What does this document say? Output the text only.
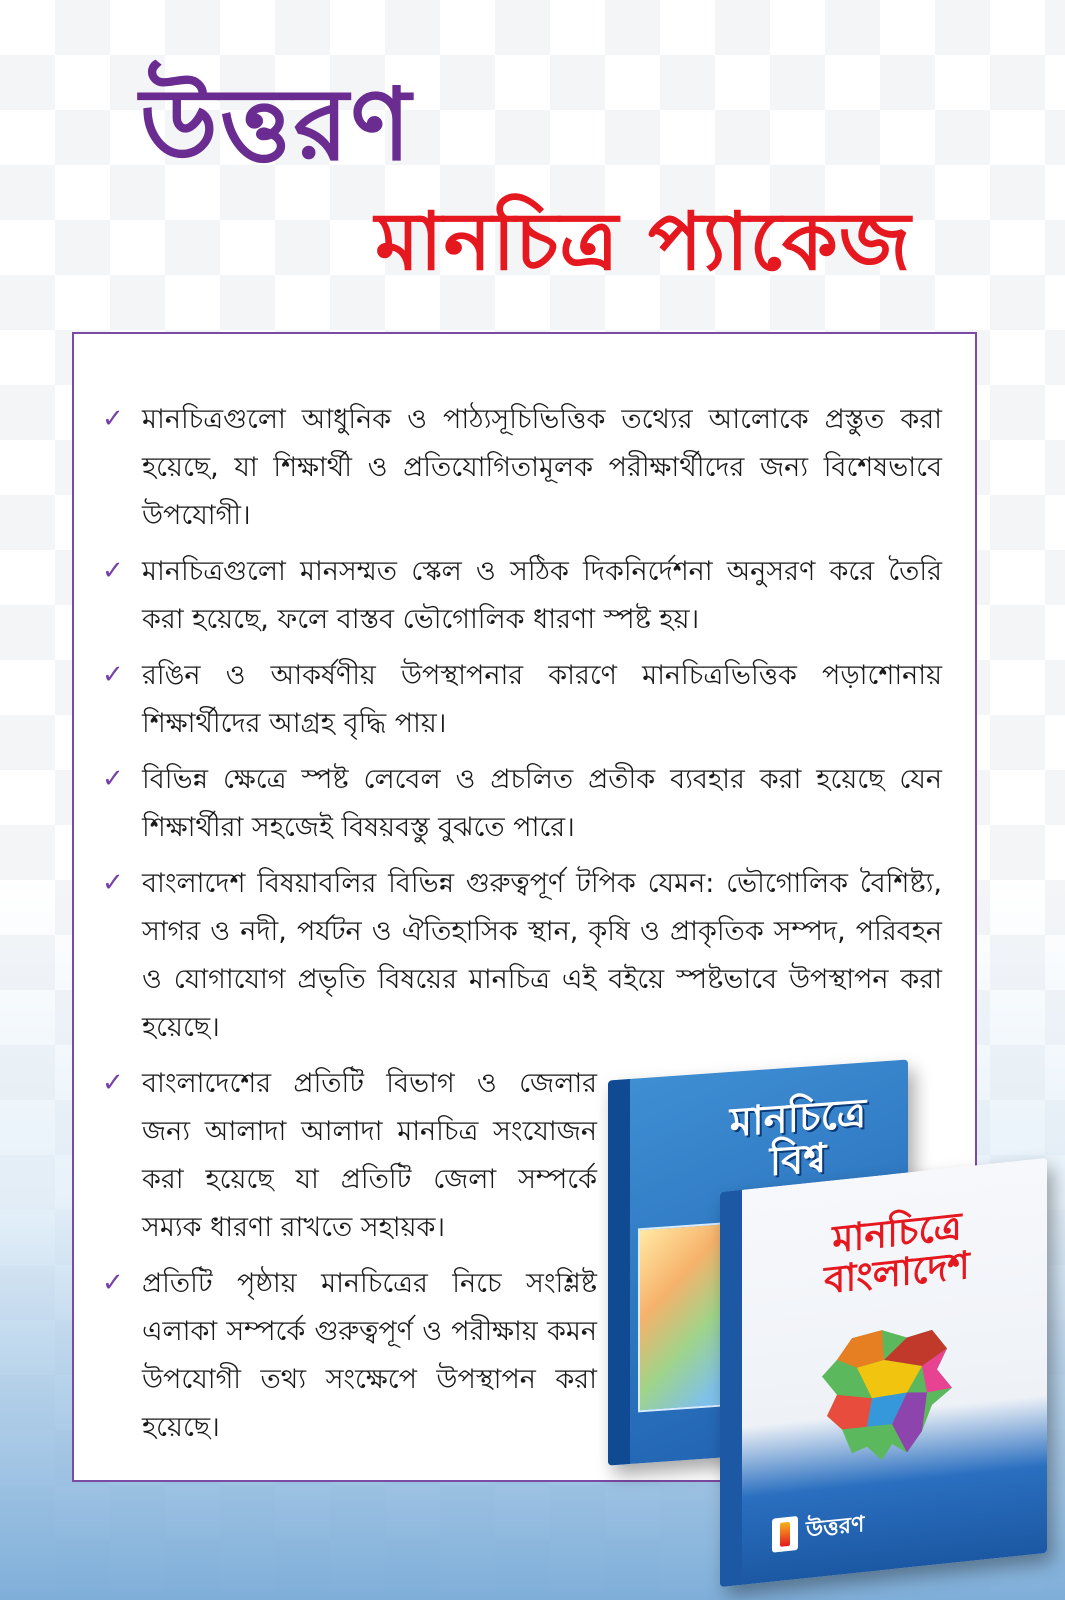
উত্তরণ
মানচিত্র প্যাকেজ
✓ মানচিত্রগুলো আধুনিক ও পাঠ্যসূচিভিত্তিক তথ্যের আলোকে প্রস্তুত করা হয়েছে, যা শিক্ষার্থী ও প্রতিযোগিতামূলক পরীক্ষার্থীদের জন্য বিশেষভাবে উপযোগী।
✓ মানচিত্রগুলো মানসম্মত স্কেল ও সঠিক দিকনির্দেশনা অনুসরণ করে তৈরি করা হয়েছে, ফলে বাস্তব ভৌগোলিক ধারণা স্পষ্ট হয়।
✓ রঙিন ও আকর্ষণীয় উপস্থাপনার কারণে মানচিত্রভিত্তিক পড়াশোনায় শিক্ষার্থীদের আগ্রহ বৃদ্ধি পায়।
✓ বিভিন্ন ক্ষেত্রে স্পষ্ট লেবেল ও প্রচলিত প্রতীক ব্যবহার করা হয়েছে যেন শিক্ষার্থীরা সহজেই বিষয়বস্তু বুঝতে পারে।
✓ বাংলাদেশ বিষয়াবলির বিভিন্ন গুরুত্বপূর্ণ টপিক যেমন: ভৌগোলিক বৈশিষ্ট্য, সাগর ও নদী, পর্যটন ও ঐতিহাসিক স্থান, কৃষি ও প্রাকৃতিক সম্পদ, পরিবহন ও যোগাযোগ প্রভৃতি বিষয়ের মানচিত্র এই বইয়ে স্পষ্টভাবে উপস্থাপন করা হয়েছে।
✓ বাংলাদেশের প্রতিটি বিভাগ ও জেলার জন্য আলাদা আলাদা মানচিত্র সংযোজন করা হয়েছে যা প্রতিটি জেলা সম্পর্কে সম্যক ধারণা রাখতে সহায়ক।
✓ প্রতিটি পৃষ্ঠায় মানচিত্রের নিচে সংশ্লিষ্ট এলাকা সম্পর্কে গুরুত্বপূর্ণ ও পরীক্ষায় কমন উপযোগী তথ্য সংক্ষেপে উপস্থাপন করা হয়েছে।
মানচিত্রে বিশ্ব
মানচিত্রে বাংলাদেশ
উত্তরণ
